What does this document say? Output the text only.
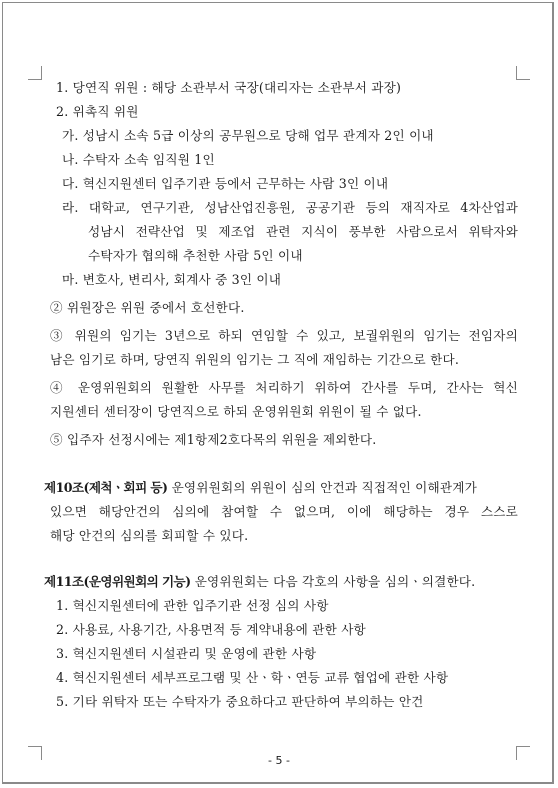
1. 당연직 위원 : 해당 소관부서 국장(대리자는 소관부서 과장)
2. 위촉직 위원
가. 성남시 소속 5급 이상의 공무원으로 당해 업무 관계자 2인 이내
나. 수탁자 소속 임직원 1인
다. 혁신지원센터 입주기관 등에서 근무하는 사람 3인 이내
라. 대학교, 연구기관, 성남산업진흥원, 공공기관 등의 재직자로 4차산업과
성남시 전략산업 및 제조업 관련 지식이 풍부한 사람으로서 위탁자와
수탁자가 협의해 추천한 사람 5인 이내
마. 변호사, 변리사, 회계사 중 3인 이내
② 위원장은 위원 중에서 호선한다.
③ 위원의 임기는 3년으로 하되 연임할 수 있고, 보궐위원의 임기는 전임자의
남은 임기로 하며, 당연직 위원의 임기는 그 직에 재임하는 기간으로 한다.
④ 운영위원회의 원활한 사무를 처리하기 위하여 간사를 두며, 간사는 혁신
지원센터 센터장이 당연직으로 하되 운영위원회 위원이 될 수 없다.
⑤ 입주자 선정시에는 제1항제2호다목의 위원을 제외한다.
제10조(제척ㆍ회피 등) 운영위원회의 위원이 심의 안건과 직접적인 이해관계가
있으면 해당안건의 심의에 참여할 수 없으며, 이에 해당하는 경우 스스로
해당 안건의 심의를 회피할 수 있다.
제11조(운영위원회의 기능) 운영위원회는 다음 각호의 사항을 심의ㆍ의결한다.
1. 혁신지원센터에 관한 입주기관 선정 심의 사항
2. 사용료, 사용기간, 사용면적 등 계약내용에 관한 사항
3. 혁신지원센터 시설관리 및 운영에 관한 사항
4. 혁신지원센터 세부프로그램 및 산ㆍ학ㆍ연등 교류 협업에 관한 사항
5. 기타 위탁자 또는 수탁자가 중요하다고 판단하여 부의하는 안건
- 5 -
